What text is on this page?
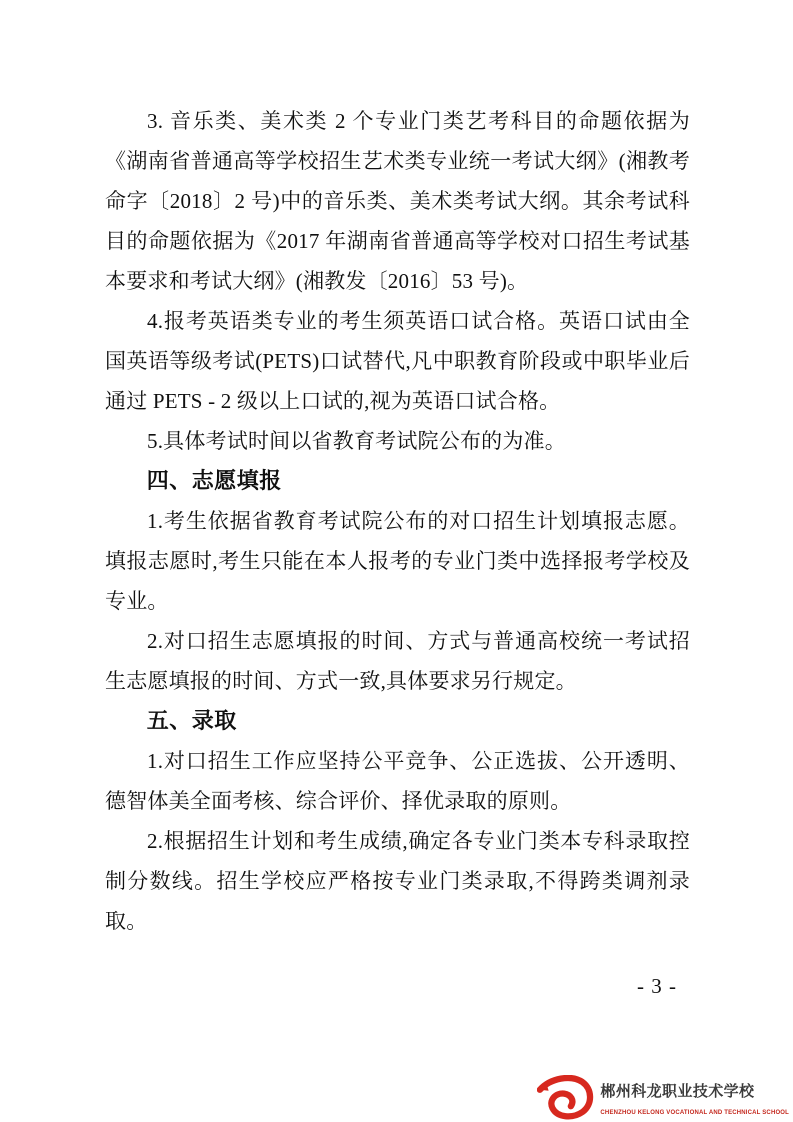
3. 音乐类、美术类 2 个专业门类艺考科目的命题依据为《湖南省普通高等学校招生艺术类专业统一考试大纲》(湘教考命字〔2018〕2 号)中的音乐类、美术类考试大纲。其余考试科目的命题依据为《2017 年湖南省普通高等学校对口招生考试基本要求和考试大纲》(湘教发〔2016〕53 号)。

4.报考英语类专业的考生须英语口试合格。英语口试由全国英语等级考试(PETS)口试替代,凡中职教育阶段或中职毕业后通过 PETS - 2 级以上口试的,视为英语口试合格。

5.具体考试时间以省教育考试院公布的为准。

四、志愿填报

1.考生依据省教育考试院公布的对口招生计划填报志愿。填报志愿时,考生只能在本人报考的专业门类中选择报考学校及专业。

2.对口招生志愿填报的时间、方式与普通高校统一考试招生志愿填报的时间、方式一致,具体要求另行规定。

五、录取

1.对口招生工作应坚持公平竞争、公正选拔、公开透明、德智体美全面考核、综合评价、择优录取的原则。

2.根据招生计划和考生成绩,确定各专业门类本专科录取控制分数线。招生学校应严格按专业门类录取,不得跨类调剂录取。

- 3 -
郴州科龙职业技术学校
CHENZHOU KELONG VOCATIONAL AND TECHNICAL SCHOOL
